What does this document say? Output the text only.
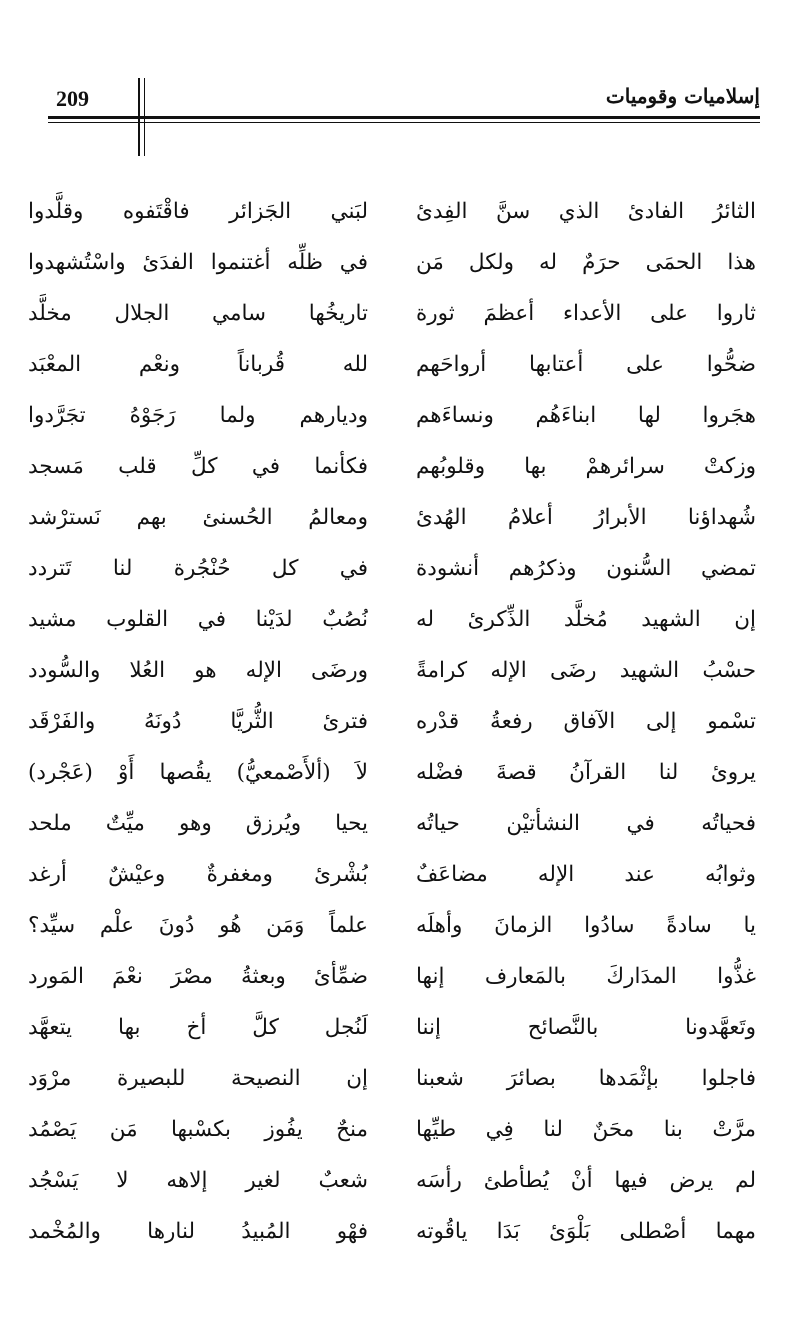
209	إسلاميات وقوميات
الثائرُ الفادئ الذي سنَّ الفِدئ
هذا الحمَى حرَمٌ له ولكل مَن
ثاروا على الأعداء أعظمَ ثورة
ضحُّوا على أعتابها أرواحَهم
هجَروا لها ابناءَهُم ونساءَهم
وزكتْ سرائرهمْ بها وقلوبُهم
شُهداؤنا الأبرارُ أعلامُ الهُدئ
تمضي السُّنون وذكرُهم أنشودة
إن الشهيد مُخلَّد الذِّكرئ له
حسْبُ الشهيد رضَى الإله كرامةً
تسْمو إلى الآفاق رفعةُ قدْره
يروئ لنا القرآنُ قصةَ فضْله
فحياتُه في النشأتيْن حياتُه
وثوابُه عند الإله مضاعَفٌ
يا سادةً سادُوا الزمانَ وأهلَه
غذُّوا المدَاركَ بالمَعارف إنها
وتَعهَّدونا بالنَّصائح إننا
فاجلوا بإثْمَدها بصائرَ شعبنا
مرَّتْ بنا محَنٌ لنا فِي طيِّها
لم يرض فيها أنْ يُطأطئ رأسَه
مهما أصْطلى بَلْوَئ بَدَا ياقُوته
لبَني الجَزائر فاقْتَفوه وقلَّدوا
في ظلِّه أغتنموا الفدَئ واسْتُشهدوا
تاريخُها سامي الجلال مخلَّد
لله قُرباناً ونعْم المعْبَد
وديارهم ولما رَجَوْهُ تجَرَّدوا
فكأنما في كلِّ قلب مَسجد
ومعالمُ الحُسنئ بهم نَسترْشد
في كل حُنْجُرة لنا تَتردد
نُصُبٌ لدَيْنا في القلوب مشيد
ورضَى الإله هو العُلا والسُّودد
فترئ الثُّريَّا دُونَهُ والفَرْقَد
لاَ (ألأَصْمعيُّ) يقُصها أَوْ (عَجْرد)
يحيا ويُرزق وهو ميِّتٌ ملحد
بُشْرئ ومغفرةٌ وعيْشٌ أرغد
علماً وَمَن هُو دُونَ علْم سيِّد؟
ضمِّأئ وبعثةُ مصْرَ نعْمَ المَورد
لَنُجل كلَّ أخ بها يتعهَّد
إن النصيحة للبصيرة مرْوَد
منحٌ يفُوز بكسْبها مَن يَصْمُد
شعبٌ لغير إلاهه لا يَسْجُد
فهْو المُبيدُ لنارها والمُخْمد
